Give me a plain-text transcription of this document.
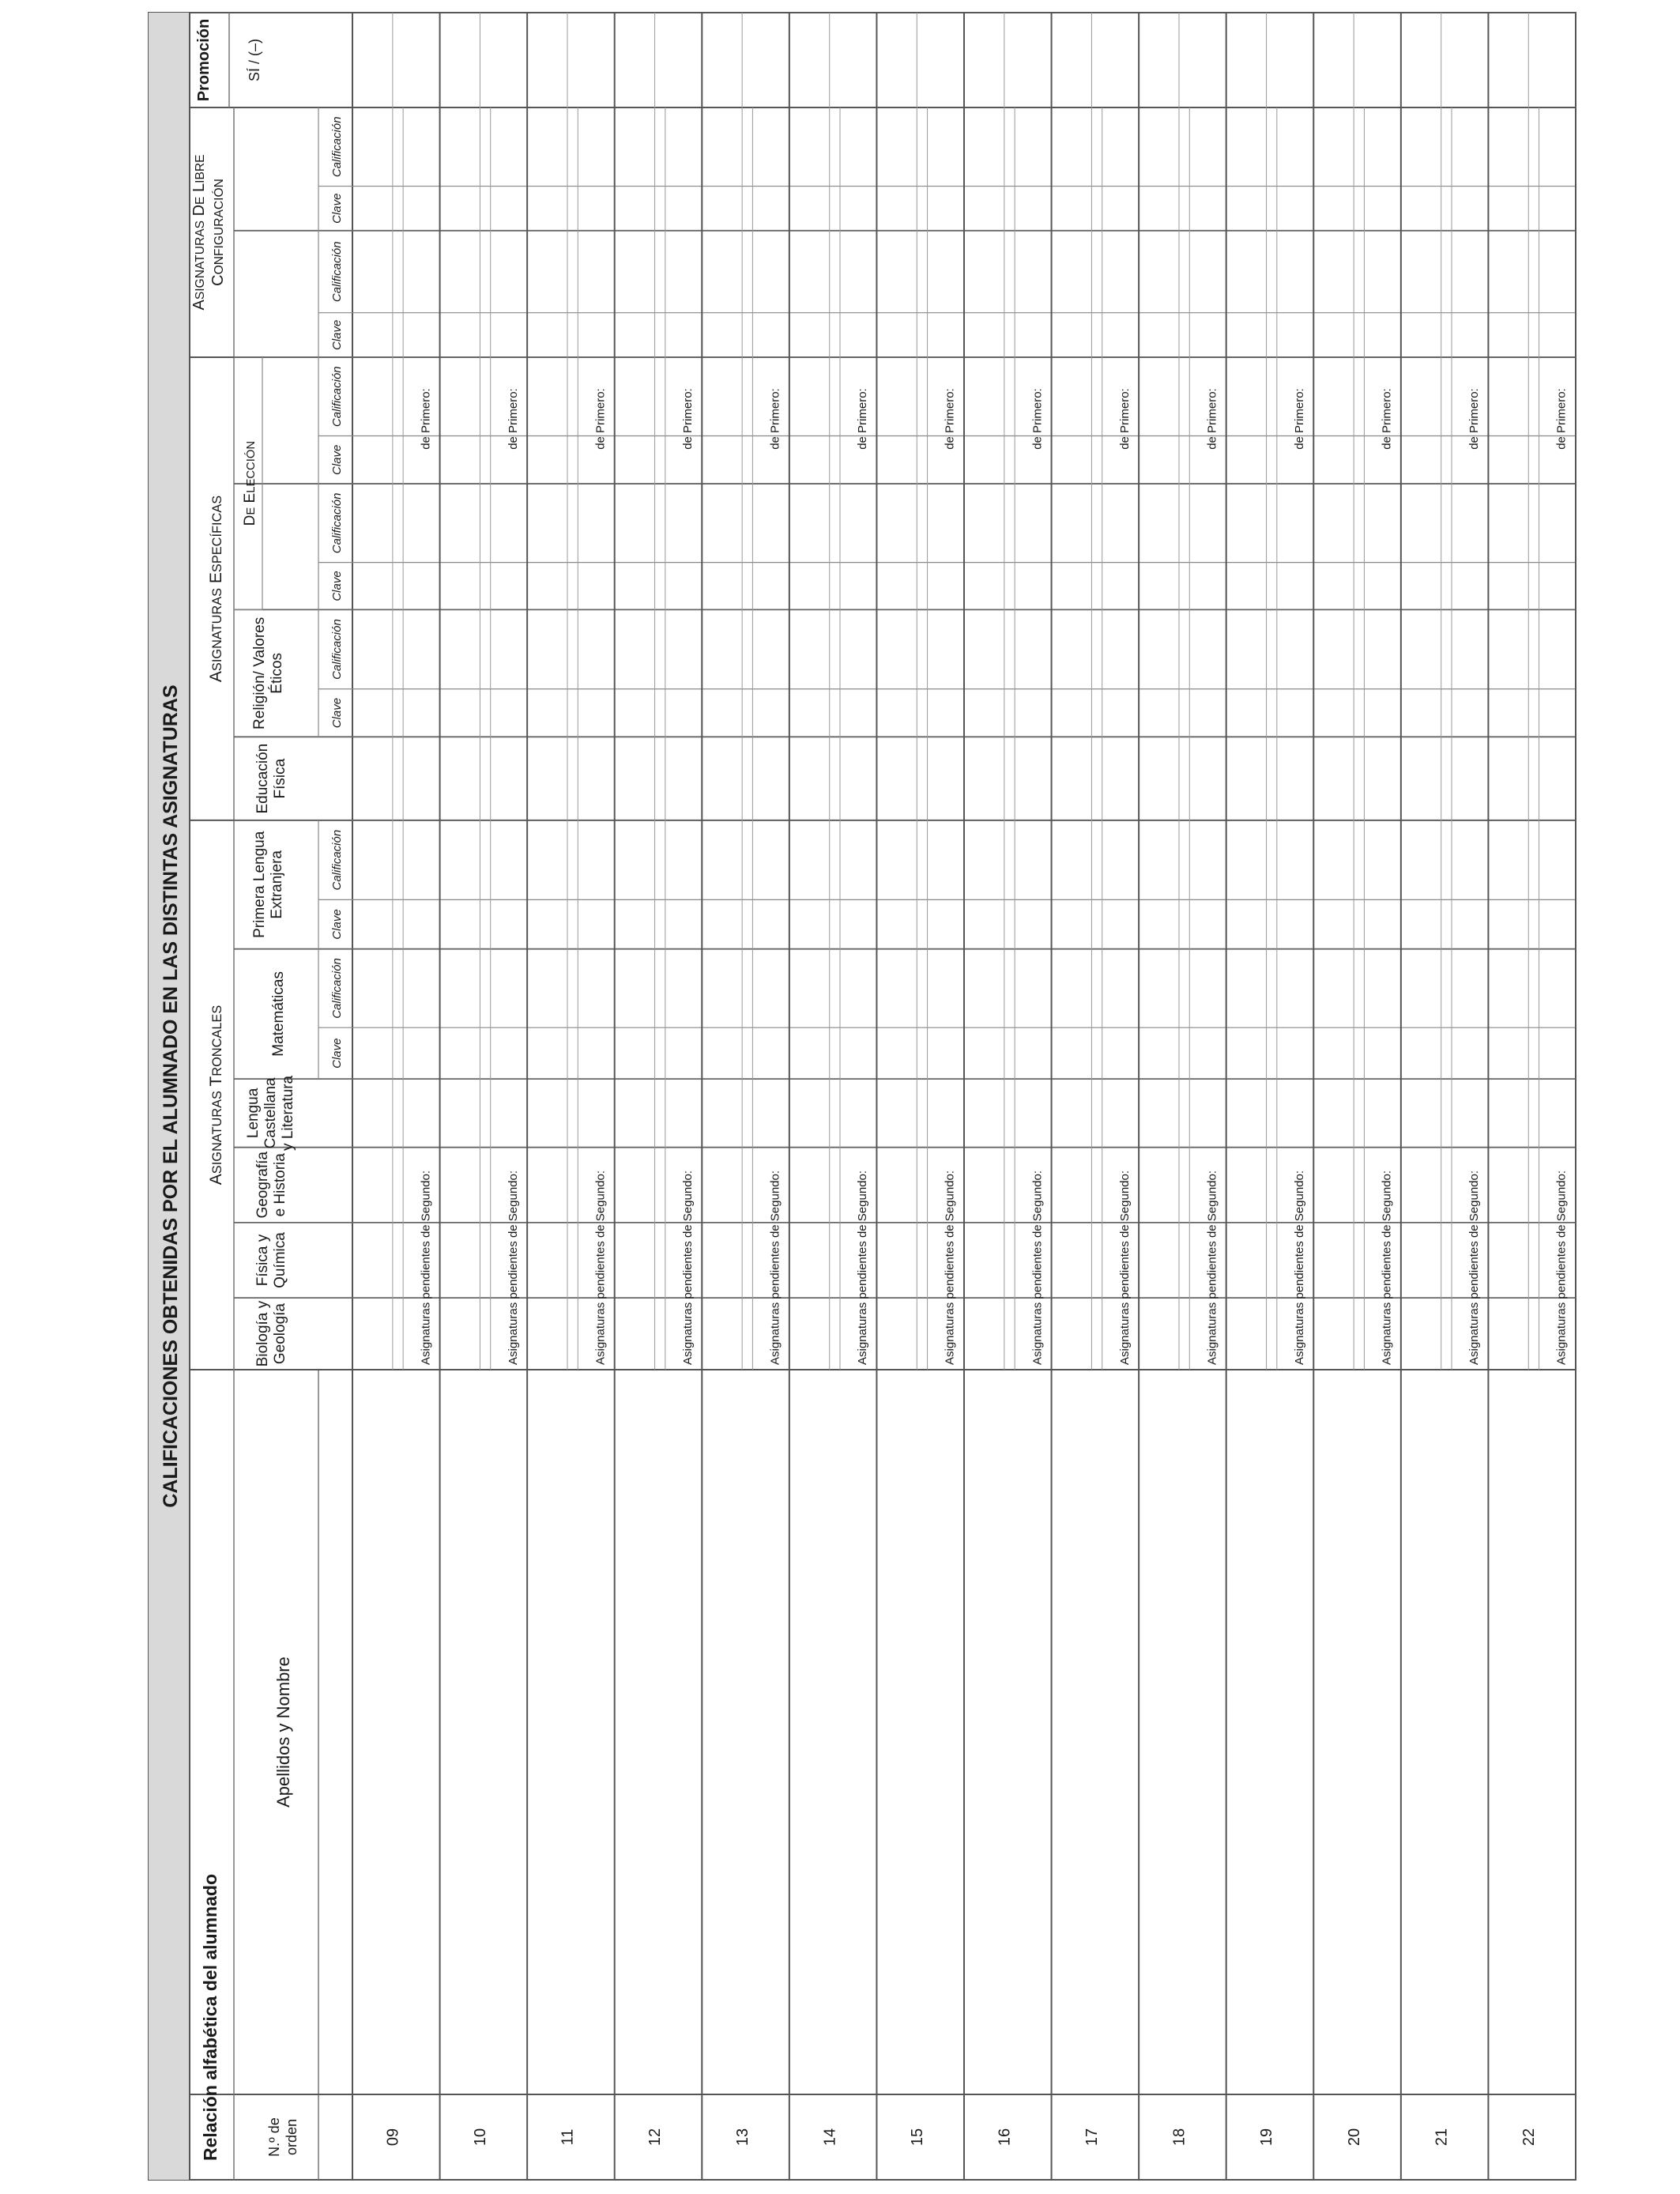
CALIFICACIONES OBTENIDAS POR EL ALUMNADO EN LAS DISTINTAS ASIGNATURAS
Relación alfabética del alumnado	N.º de orden
Apellidos y Nombre
ASIGNATURAS TRONCALES
ASIGNATURAS ESPECÍFICAS
ASIGNATURAS DE LIBRE
CONFIGURACIÓN
Promoción SÍ / (–)
Biología yGeología
Física yQuímica
Geografíae Historia
LenguaCastellanay Literatura
Matemáticas
Primera LenguaExtranjera
EducaciónFísica
Religión/ ValoresÉticos
DE ELECCIÓN
Clave
Clave
Clave
Clave
Clave
Clave
Clave
Calificación
Calificación
Calificación
Calificación
Calificación
Calificación
Calificación
09
Asignaturas pendientes de Segundo:
de Primero:
10
Asignaturas pendientes de Segundo:
de Primero:
11
Asignaturas pendientes de Segundo:
de Primero:
12
Asignaturas pendientes de Segundo:
de Primero:
13
Asignaturas pendientes de Segundo:
de Primero:
14
Asignaturas pendientes de Segundo:
de Primero:
15
Asignaturas pendientes de Segundo:
de Primero:
16
Asignaturas pendientes de Segundo:
de Primero:
17
Asignaturas pendientes de Segundo:
de Primero:
18
Asignaturas pendientes de Segundo:
de Primero:
19
Asignaturas pendientes de Segundo:
de Primero:
20
Asignaturas pendientes de Segundo:
de Primero:
21
Asignaturas pendientes de Segundo:
de Primero:
22
Asignaturas pendientes de Segundo:
de Primero:
